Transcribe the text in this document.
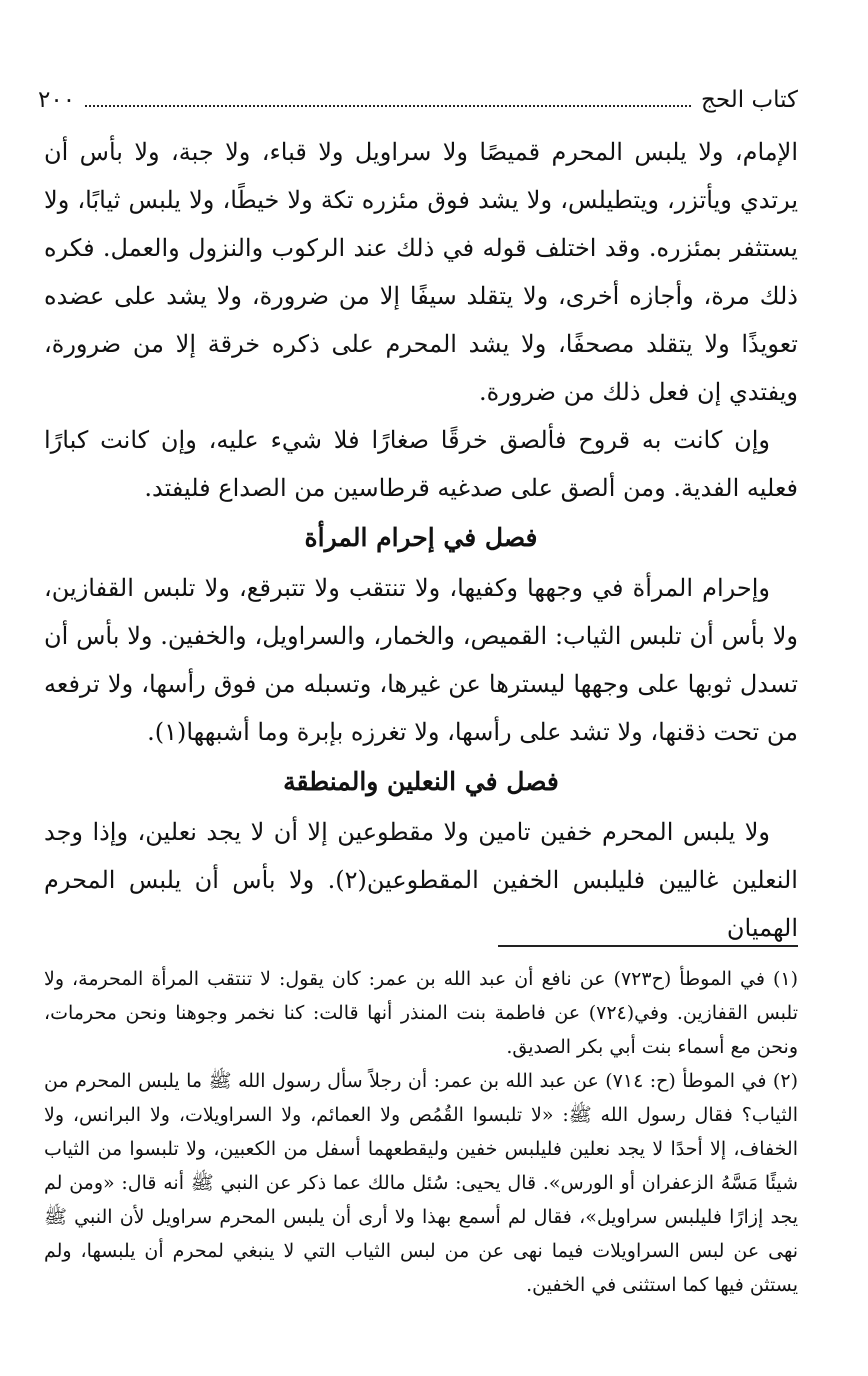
كتاب الحج
٢٠٠

الإمام، ولا يلبس المحرم قميصًا ولا سراويل ولا قباء، ولا جبة، ولا بأس أن يرتدي ويأتزر، ويتطيلس، ولا يشد فوق مئزره تكة ولا خيطًا، ولا يلبس ثيابًا، ولا يستثفر بمئزره. وقد اختلف قوله في ذلك عند الركوب والنزول والعمل. فكره ذلك مرة، وأجازه أخرى، ولا يتقلد سيفًا إلا من ضرورة، ولا يشد على عضده تعويذًا ولا يتقلد مصحفًا، ولا يشد المحرم على ذكره خرقة إلا من ضرورة، ويفتدي إن فعل ذلك من ضرورة.

وإن كانت به قروح فألصق خرقًا صغارًا فلا شيء عليه، وإن كانت كبارًا فعليه الفدية. ومن ألصق على صدغيه قرطاسين من الصداع فليفتد.

فصل في إحرام المرأة

وإحرام المرأة في وجهها وكفيها، ولا تنتقب ولا تتبرقع، ولا تلبس القفازين، ولا بأس أن تلبس الثياب: القميص، والخمار، والسراويل، والخفين. ولا بأس أن تسدل ثوبها على وجهها ليسترها عن غيرها، وتسبله من فوق رأسها، ولا ترفعه من تحت ذقنها، ولا تشد على رأسها، ولا تغرزه بإبرة وما أشبهها(١).

فصل في النعلين والمنطقة

ولا يلبس المحرم خفين تامين ولا مقطوعين إلا أن لا يجد نعلين، وإذا وجد النعلين غاليين فليلبس الخفين المقطوعين(٢). ولا بأس أن يلبس المحرم الهميان

(١) في الموطأ (ح٧٢٣) عن نافع أن عبد الله بن عمر: كان يقول: لا تنتقب المرأة المحرمة، ولا تلبس القفازين. وفي(٧٢٤) عن فاطمة بنت المنذر أنها قالت: كنا نخمر وجوهنا ونحن محرمات، ونحن مع أسماء بنت أبي بكر الصديق.

(٢) في الموطأ (ح: ٧١٤) عن عبد الله بن عمر: أن رجلاً سأل رسول الله ﷺ ما يلبس المحرم من الثياب؟ فقال رسول الله ﷺ: «لا تلبسوا القُمُص ولا العمائم، ولا السراويلات، ولا البرانس، ولا الخفاف، إلا أحدًا لا يجد نعلين فليلبس خفين وليقطعهما أسفل من الكعبين، ولا تلبسوا من الثياب شيئًا مَسَّهُ الزعفران أو الورس». قال يحيى: سُئل مالك عما ذكر عن النبي ﷺ أنه قال: «ومن لم يجد إزارًا فليلبس سراويل»، فقال لم أسمع بهذا ولا أرى أن يلبس المحرم سراويل لأن النبي ﷺ نهى عن لبس السراويلات فيما نهى عن من لبس الثياب التي لا ينبغي لمحرم أن يلبسها، ولم يستثن فيها كما استثنى في الخفين.
